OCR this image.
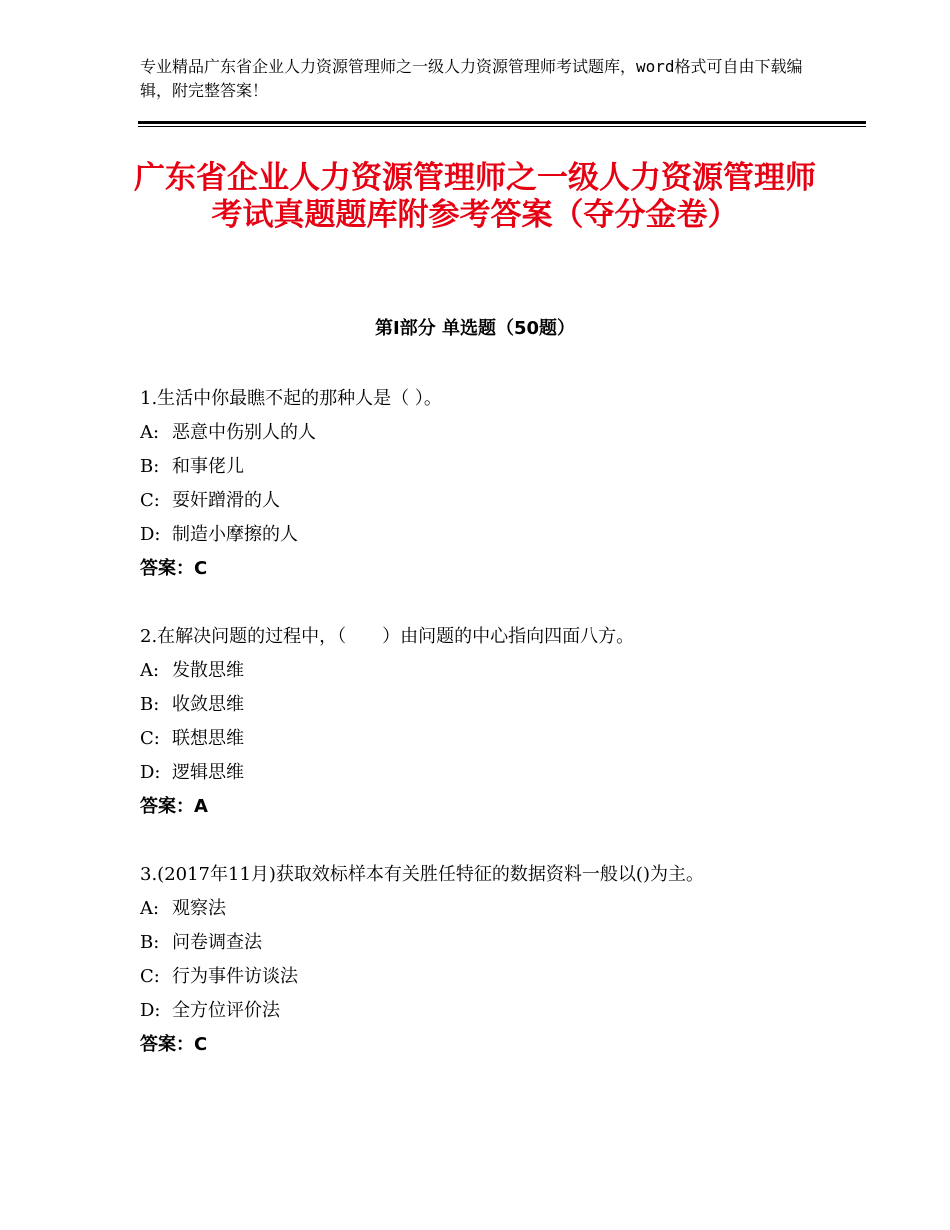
专业精品广东省企业人力资源管理师之一级人力资源管理师考试题库，word格式可自由下载编辑，附完整答案！
广东省企业人力资源管理师之一级人力资源管理师考试真题题库附参考答案（夺分金卷）
第Ⅰ部分 单选题（50题）

1.生活中你最瞧不起的那种人是（ ）。

A: 恶意中伤别人的人

B: 和事佬儿

C: 耍奸蹭滑的人

D: 制造小摩擦的人

答案：C

2.在解决问题的过程中，（　　）由问题的中心指向四面八方。

A: 发散思维

B: 收敛思维

C: 联想思维

D: 逻辑思维

答案：A

3.(2017年11月)获取效标样本有关胜任特征的数据资料一般以()为主。

A: 观察法

B: 问卷调查法

C: 行为事件访谈法

D: 全方位评价法

答案：C
